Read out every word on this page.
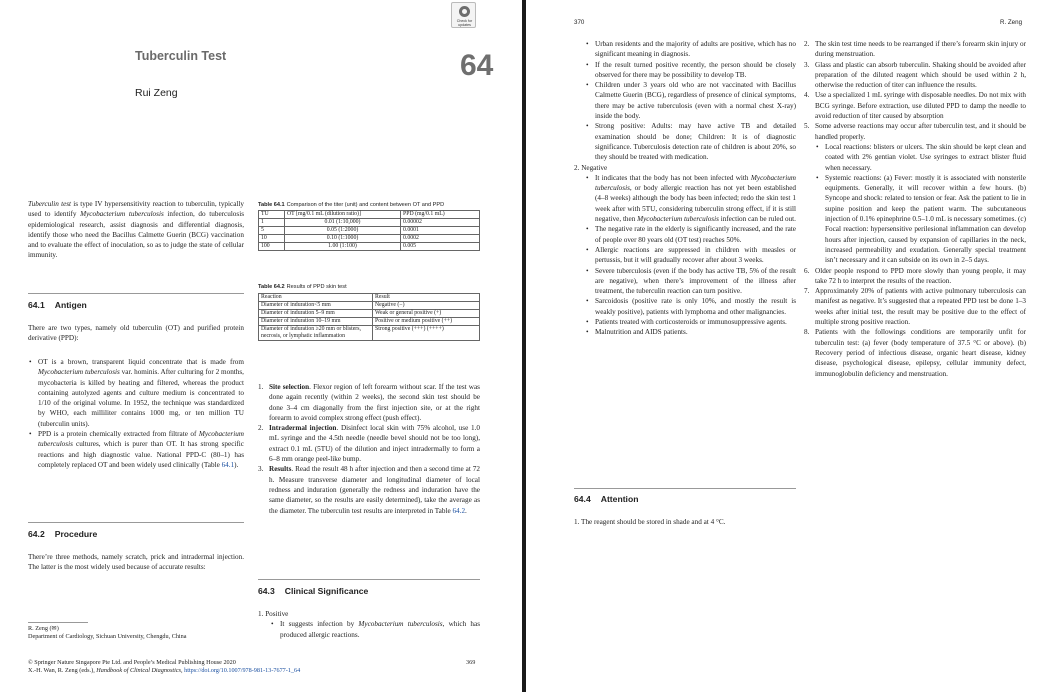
Check for
updates
Tuberculin Test	64
Rui Zeng
Tuberculin test is type IV hypersensitivity reaction to tuberculin, typically used to identify Mycobacterium tuberculosis infection, do tuberculosis epidemiological research, assist diagnosis and differential diagnosis, identify those who need the Bacillus Calmette Guerin (BCG) vaccination and to evaluate the effect of inoculation, so as to judge the state of cellular immunity.
64.1 Antigen
There are two types, namely old tuberculin (OT) and purified protein derivative (PPD):
• OT is a brown, transparent liquid concentrate that is made from Mycobacterium tuberculosis var. hominis. After culturing for 2 months, mycobacteria is killed by heating and filtered, whereas the product containing autolyzed agents and culture medium is concentrated to 1/10 of the original volume. In 1952, the technique was standardized by WHO, each milliliter contains 1000 mg, or ten million TU (tuberculin units).
• PPD is a protein chemically extracted from filtrate of Mycobacterium tuberculosis cultures, which is purer than OT. It has strong specific reactions and high diagnostic value. National PPD-C (80–1) has completely replaced OT and been widely used clinically (Table 64.1).
64.2 Procedure
There’re three methods, namely scratch, prick and intradermal injection. The latter is the most widely used because of accurate results:
R. Zeng (✉)
Department of Cardiology, Sichuan University, Chengdu, China
© Springer Nature Singapore Pte Ltd. and People’s Medical Publishing House 2020
X.-H. Wan, R. Zeng (eds.), Handbook of Clinical Diagnostics, https://doi.org/10.1007/978-981-13-7677-1_64
369
Table 64.1 Comparison of the titer (unit) and content between OT and PPD
TU	OT [mg/0.1 mL (dilution ratio)]	PPD (mg/0.1 mL)
1	0.01 (1:10,000)	0.00002
5	0.05 (1:2000)	0.0001
10	0.10 (1:1000)	0.0002
100	1.00 (1:100)	0.005
Table 64.2 Results of PPD skin test
Reaction	Result
Diameter of induration<5 mm	Negative (−)
Diameter of induration 5–9 mm	Weak or general positive (+)
Diameter of induration 10–19 mm	Positive or medium positive (++)
Diameter of induration ≥20 mm or blisters, necrosis, or lymphatic inflammation	Strong positive (+++) (++++)
1. Site selection. Flexor region of left forearm without scar. If the test was done again recently (within 2 weeks), the second skin test should be done 3–4 cm diagonally from the first injection site, or at the right forearm to avoid complex strong effect (push effect).
2. Intradermal injection. Disinfect local skin with 75% alcohol, use 1.0 mL syringe and the 4.5th needle (needle bevel should not be too long), extract 0.1 mL (5TU) of the dilution and inject intradermally to form a 6–8 mm orange peel-like bump.
3. Results. Read the result 48 h after injection and then a second time at 72 h. Measure transverse diameter and longitudinal diameter of local redness and induration (generally the redness and induration have the same diameter, so the results are easily determined), take the average as the diameter. The tuberculin test results are interpreted in Table 64.2.
64.3 Clinical Significance
1. Positive
• It suggests infection by Mycobacterium tuberculosis, which has produced allergic reactions.
370	R. Zeng
• Urban residents and the majority of adults are positive, which has no significant meaning in diagnosis.
• If the result turned positive recently, the person should be closely observed for there may be possibility to develop TB.
• Children under 3 years old who are not vaccinated with Bacillus Calmette Guerin (BCG), regardless of presence of clinical symptoms, there may be active tuberculosis (even with a normal chest X-ray) inside the body.
• Strong positive: Adults: may have active TB and detailed examination should be done; Children: It is of diagnostic significance. Tuberculosis detection rate of children is about 20%, so they should be treated with medication.
2. Negative
• It indicates that the body has not been infected with Mycobacterium tuberculosis, or body allergic reaction has not yet been established (4–8 weeks) although the body has been infected; redo the skin test 1 week after with 5TU, considering tuberculin strong effect, if it is still negative, then Mycobacterium tuberculosis infection can be ruled out.
• The negative rate in the elderly is significantly increased, and the rate of people over 80 years old (OT test) reaches 50%.
• Allergic reactions are suppressed in children with measles or pertussis, but it will gradually recover after about 3 weeks.
• Severe tuberculosis (even if the body has active TB, 5% of the result are negative), when there’s improvement of the illness after treatment, the tuberculin reaction can turn positive.
• Sarcoidosis (positive rate is only 10%, and mostly the result is weakly positive), patients with lymphoma and other malignancies.
• Patients treated with corticosteroids or immunosuppressive agents.
• Malnutrition and AIDS patients.
64.4 Attention
1. The reagent should be stored in shade and at 4 °C.
2. The skin test time needs to be rearranged if there’s forearm skin injury or during menstruation.
3. Glass and plastic can absorb tuberculin. Shaking should be avoided after preparation of the diluted reagent which should be used within 2 h, otherwise the reduction of titer can influence the results.
4. Use a specialized 1 mL syringe with disposable needles. Do not mix with BCG syringe. Before extraction, use diluted PPD to damp the needle to avoid reduction of titer caused by absorption
5. Some adverse reactions may occur after tuberculin test, and it should be handled properly.
• Local reactions: blisters or ulcers. The skin should be kept clean and coated with 2% gentian violet. Use syringes to extract blister fluid when necessary.
• Systemic reactions: (a) Fever: mostly it is associated with nonsterile equipments. Generally, it will recover within a few hours. (b) Syncope and shock: related to tension or fear. Ask the patient to lie in supine position and keep the patient warm. The subcutaneous injection of 0.1% epinephrine 0.5–1.0 mL is necessary sometimes. (c) Focal reaction: hypersensitive perilesional inflammation can develop hours after injection, caused by expansion of capillaries in the neck, increased permeability and exudation. Generally special treatment isn’t necessary and it can subside on its own in 2–5 days.
6. Older people respond to PPD more slowly than young people, it may take 72 h to interpret the results of the reaction.
7. Approximately 20% of patients with active pulmonary tuberculosis can manifest as negative. It’s suggested that a repeated PPD test be done 1–3 weeks after initial test, the result may be positive due to the effect of multiple strong positive reaction.
8. Patients with the followings conditions are temporarily unfit for tuberculin test: (a) fever (body temperature of 37.5 °C or above). (b) Recovery period of infectious disease, organic heart disease, kidney disease, psychological disease, epilepsy, cellular immunity defect, immunoglobulin deficiency and menstruation.
